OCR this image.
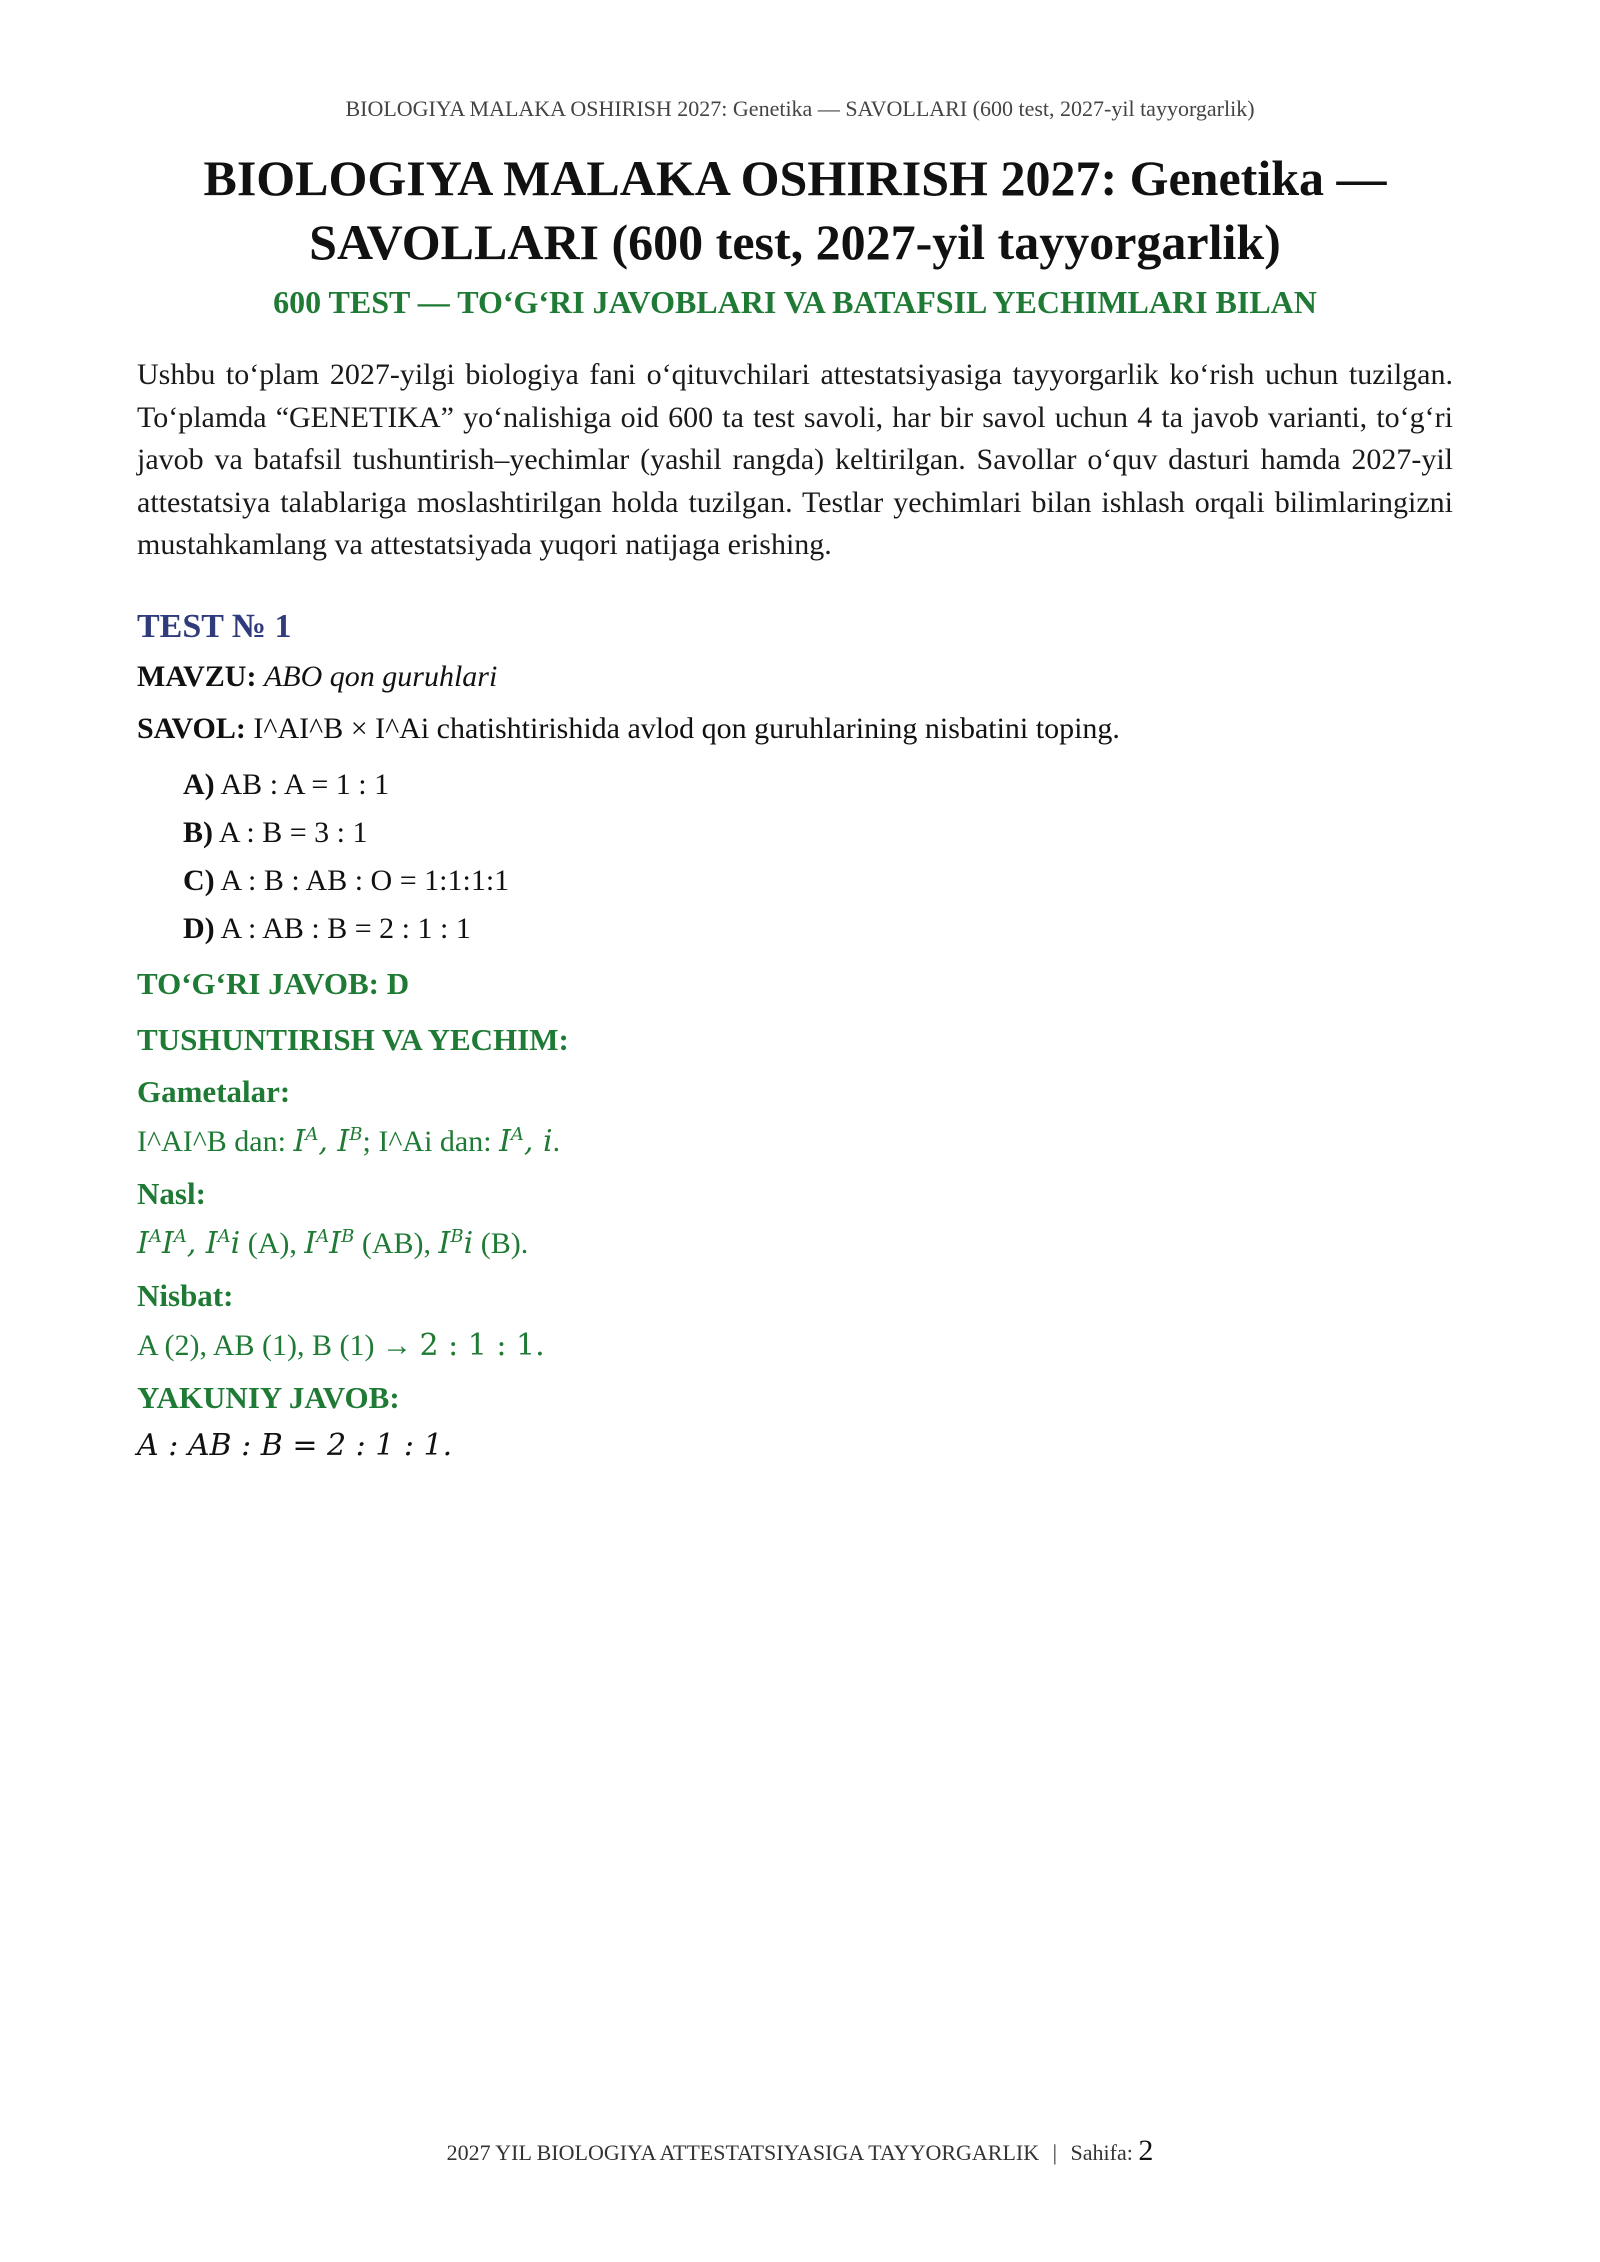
BIOLOGIYA MALAKA OSHIRISH 2027: Genetika — SAVOLLARI (600 test, 2027-yil tayyorgarlik)
BIOLOGIYA MALAKA OSHIRISH 2027: Genetika —
SAVOLLARI (600 test, 2027-yil tayyorgarlik)
600 TEST — TO‘G‘RI JAVOBLARI VA BATAFSIL YECHIMLARI BILAN
Ushbu to‘plam 2027-yilgi biologiya fani o‘qituvchilari attestatsiyasiga tayyorgarlik ko‘rish uchun tuzilgan. To‘plamda “GENETIKA” yo‘nalishiga oid 600 ta test savoli, har bir savol uchun 4 ta javob varianti, to‘g‘ri javob va batafsil tushuntirish–yechimlar (yashil rangda) keltirilgan. Savollar o‘quv dasturi hamda 2027-yil attestatsiya talablariga moslashtirilgan holda tuzilgan. Testlar yechimlari bilan ishlash orqali bilimlaringizni mustahkamlang va attestatsiyada yuqori natijaga erishing.
TEST № 1
MAVZU: ABO qon guruhlari
SAVOL: I^AI^B × I^Ai chatishtirishida avlod qon guruhlarining nisbatini toping.
A) AB : A = 1 : 1
B) A : B = 3 : 1
C) A : B : AB : O = 1:1:1:1
D) A : AB : B = 2 : 1 : 1
TO‘G‘RI JAVOB: D
TUSHUNTIRISH VA YECHIM:
Gametalar:
I^AI^B dan: $I^A$, $I^B$; I^Ai dan: $I^A$, i.
Nasl:
$I^AI^A$, $I^Ai$ (A), $I^AI^B$ (AB), $I^Bi$ (B).
Nisbat:
A (2), AB (1), B (1) → 2 : 1 : 1.
YAKUNIY JAVOB:
A : AB : B = 2 : 1 : 1.
2027 YIL BIOLOGIYA ATTESTATSIYASIGA TAYYORGARLIK | Sahifa: 2
